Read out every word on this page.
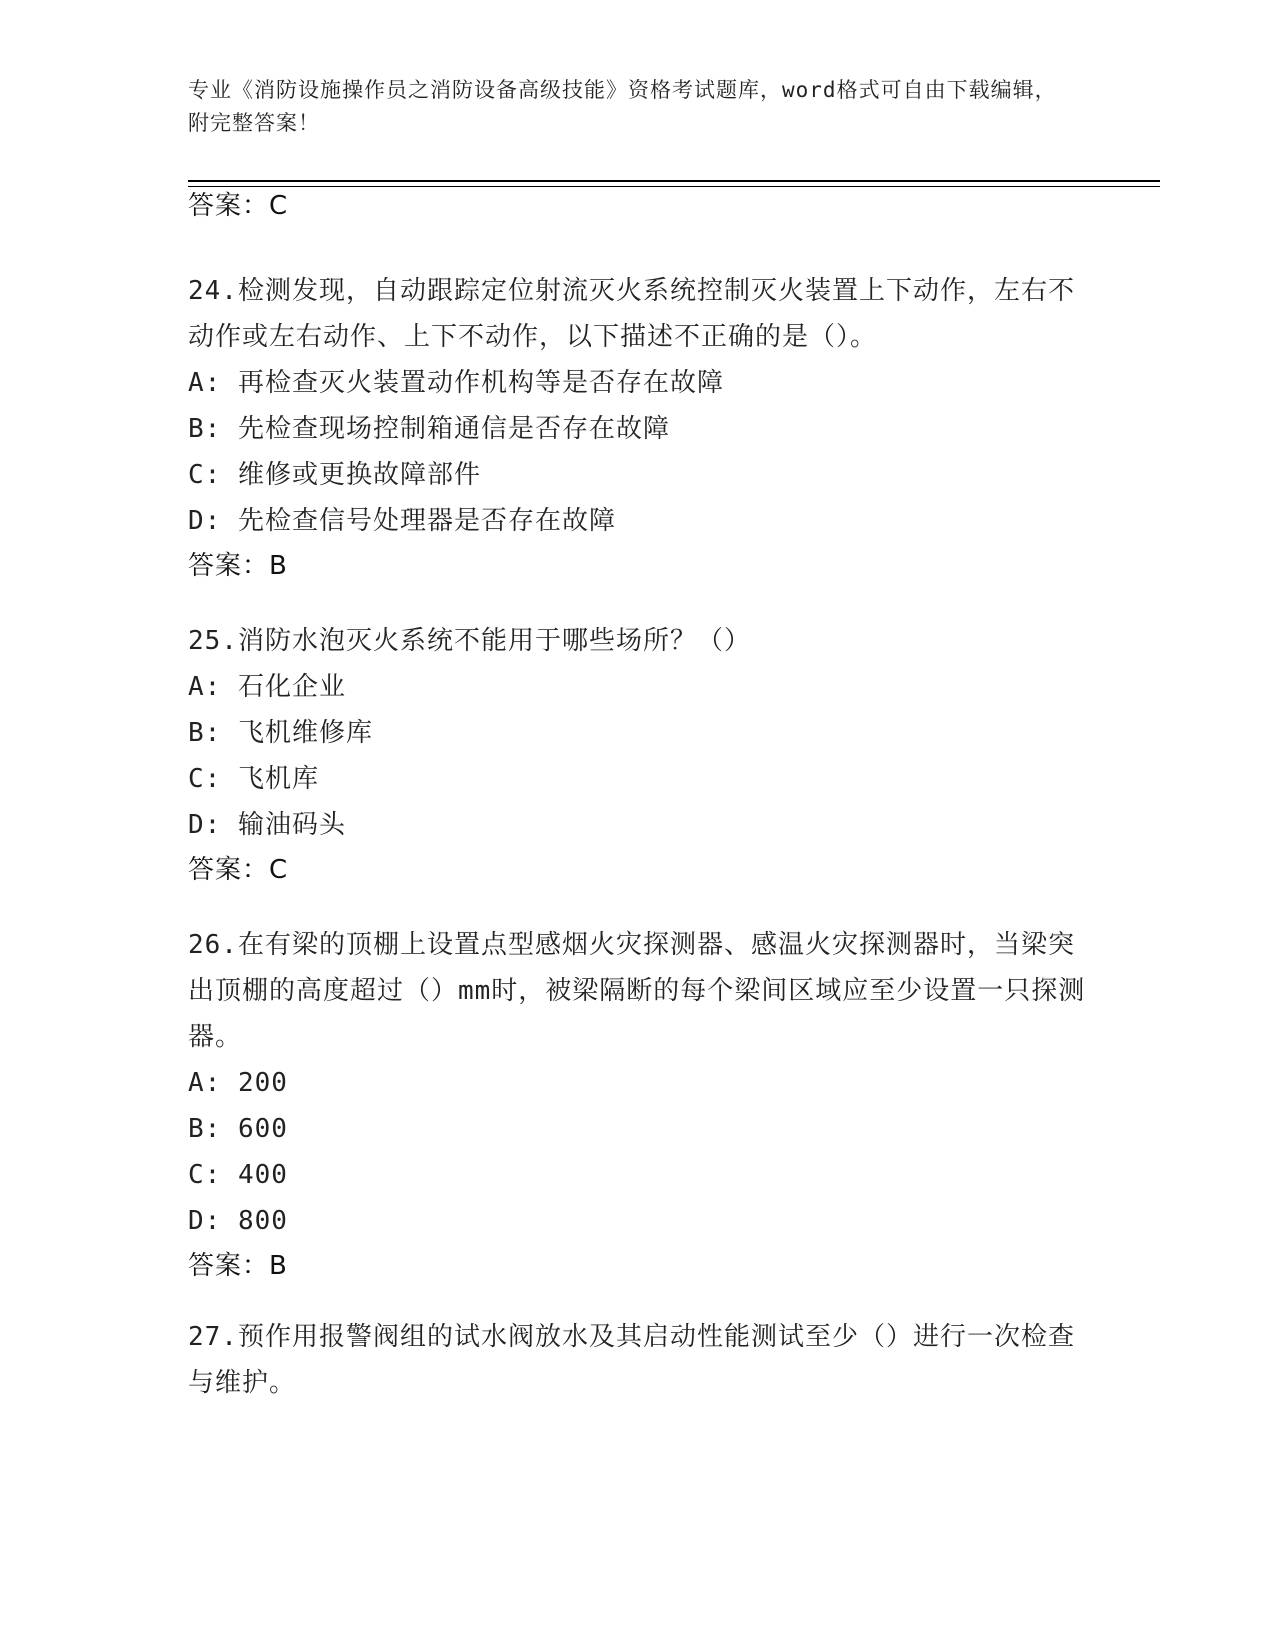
专业《消防设施操作员之消防设备高级技能》资格考试题库，word格式可自由下载编辑，附完整答案！
答案：C
24.检测发现，自动跟踪定位射流灭火系统控制灭火装置上下动作，左右不动作或左右动作、上下不动作，以下描述不正确的是（）。
A: 再检查灭火装置动作机构等是否存在故障
B: 先检查现场控制箱通信是否存在故障
C: 维修或更换故障部件
D: 先检查信号处理器是否存在故障
答案：B
25.消防水泡灭火系统不能用于哪些场所？（）
A: 石化企业
B: 飞机维修库
C: 飞机库
D: 输油码头
答案：C
26.在有梁的顶棚上设置点型感烟火灾探测器、感温火灾探测器时，当梁突出顶棚的高度超过（）mm时，被梁隔断的每个梁间区域应至少设置一只探测器。
A: 200
B: 600
C: 400
D: 800
答案：B
27.预作用报警阀组的试水阀放水及其启动性能测试至少（）进行一次检查与维护。
